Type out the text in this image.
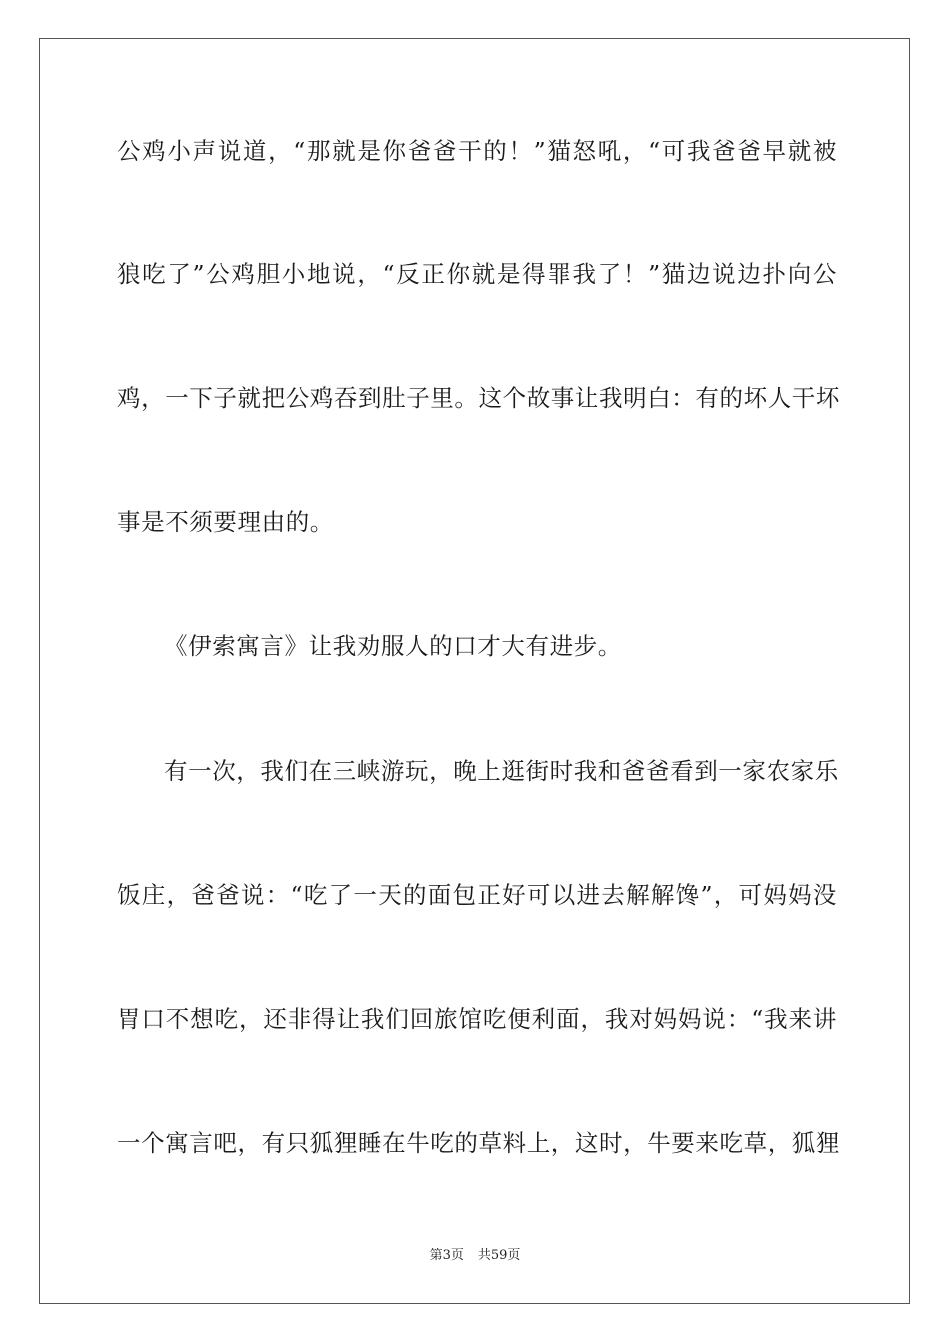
公鸡小声说道，“那就是你爸爸干的！”猫怒吼，“可我爸爸早就被
狼吃了”公鸡胆小地说，“反正你就是得罪我了！”猫边说边扑向公
鸡，一下子就把公鸡吞到肚子里。这个故事让我明白：有的坏人干坏
事是不须要理由的。
《伊索寓言》让我劝服人的口才大有进步。
有一次，我们在三峡游玩，晚上逛街时我和爸爸看到一家农家乐
饭庄，爸爸说：“吃了一天的面包正好可以进去解解馋”，可妈妈没
胃口不想吃，还非得让我们回旅馆吃便利面，我对妈妈说：“我来讲
一个寓言吧，有只狐狸睡在牛吃的草料上，这时，牛要来吃草，狐狸
第3页 共59页
